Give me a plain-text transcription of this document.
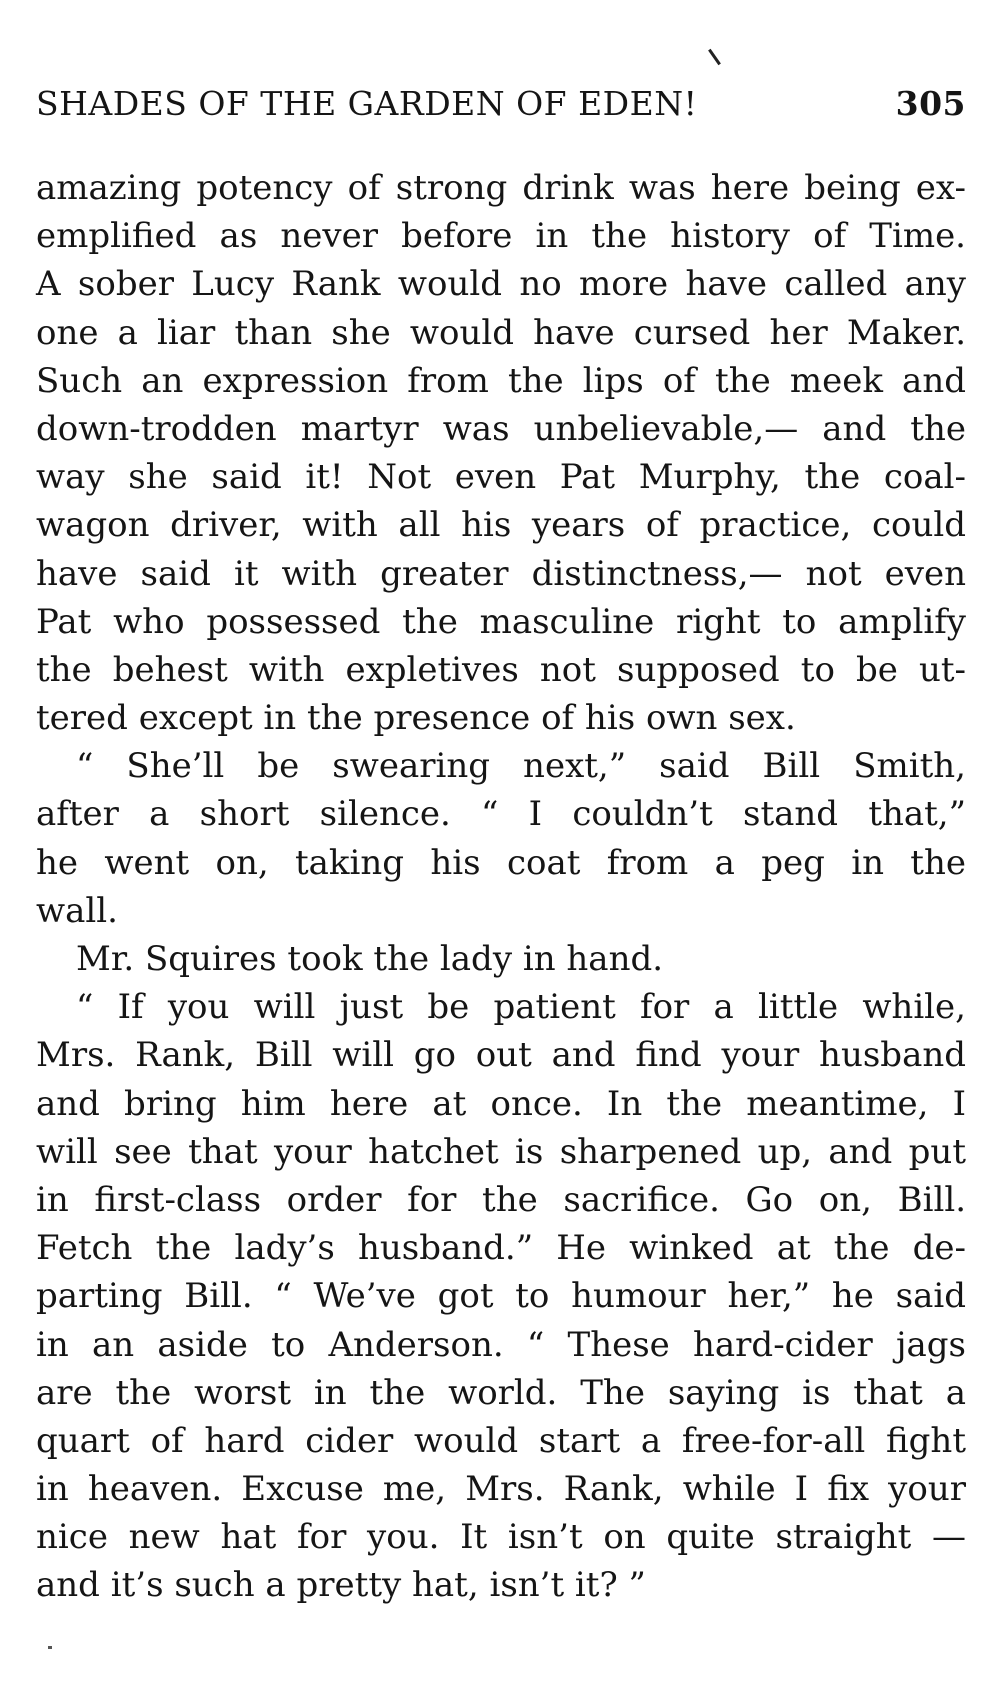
SHADES OF THE GARDEN OF EDEN!	305
amazing potency of strong drink was here being ex-
emplified as never before in the history of Time.
A sober Lucy Rank would no more have called any
one a liar than she would have cursed her Maker.
Such an expression from the lips of the meek and
down-trodden martyr was unbelievable,— and the
way she said it! Not even Pat Murphy, the coal-
wagon driver, with all his years of practice, could
have said it with greater distinctness,— not even
Pat who possessed the masculine right to amplify
the behest with expletives not supposed to be ut-
tered except in the presence of his own sex.
“ She’ll be swearing next,” said Bill Smith,
after a short silence. “ I couldn’t stand that,”
he went on, taking his coat from a peg in the
wall.
Mr. Squires took the lady in hand.
“ If you will just be patient for a little while,
Mrs. Rank, Bill will go out and find your husband
and bring him here at once. In the meantime, I
will see that your hatchet is sharpened up, and put
in first-class order for the sacrifice. Go on, Bill.
Fetch the lady’s husband.” He winked at the de-
parting Bill. “ We’ve got to humour her,” he said
in an aside to Anderson. “ These hard-cider jags
are the worst in the world. The saying is that a
quart of hard cider would start a free-for-all fight
in heaven. Excuse me, Mrs. Rank, while I fix your
nice new hat for you. It isn’t on quite straight —
and it’s such a pretty hat, isn’t it? ”
